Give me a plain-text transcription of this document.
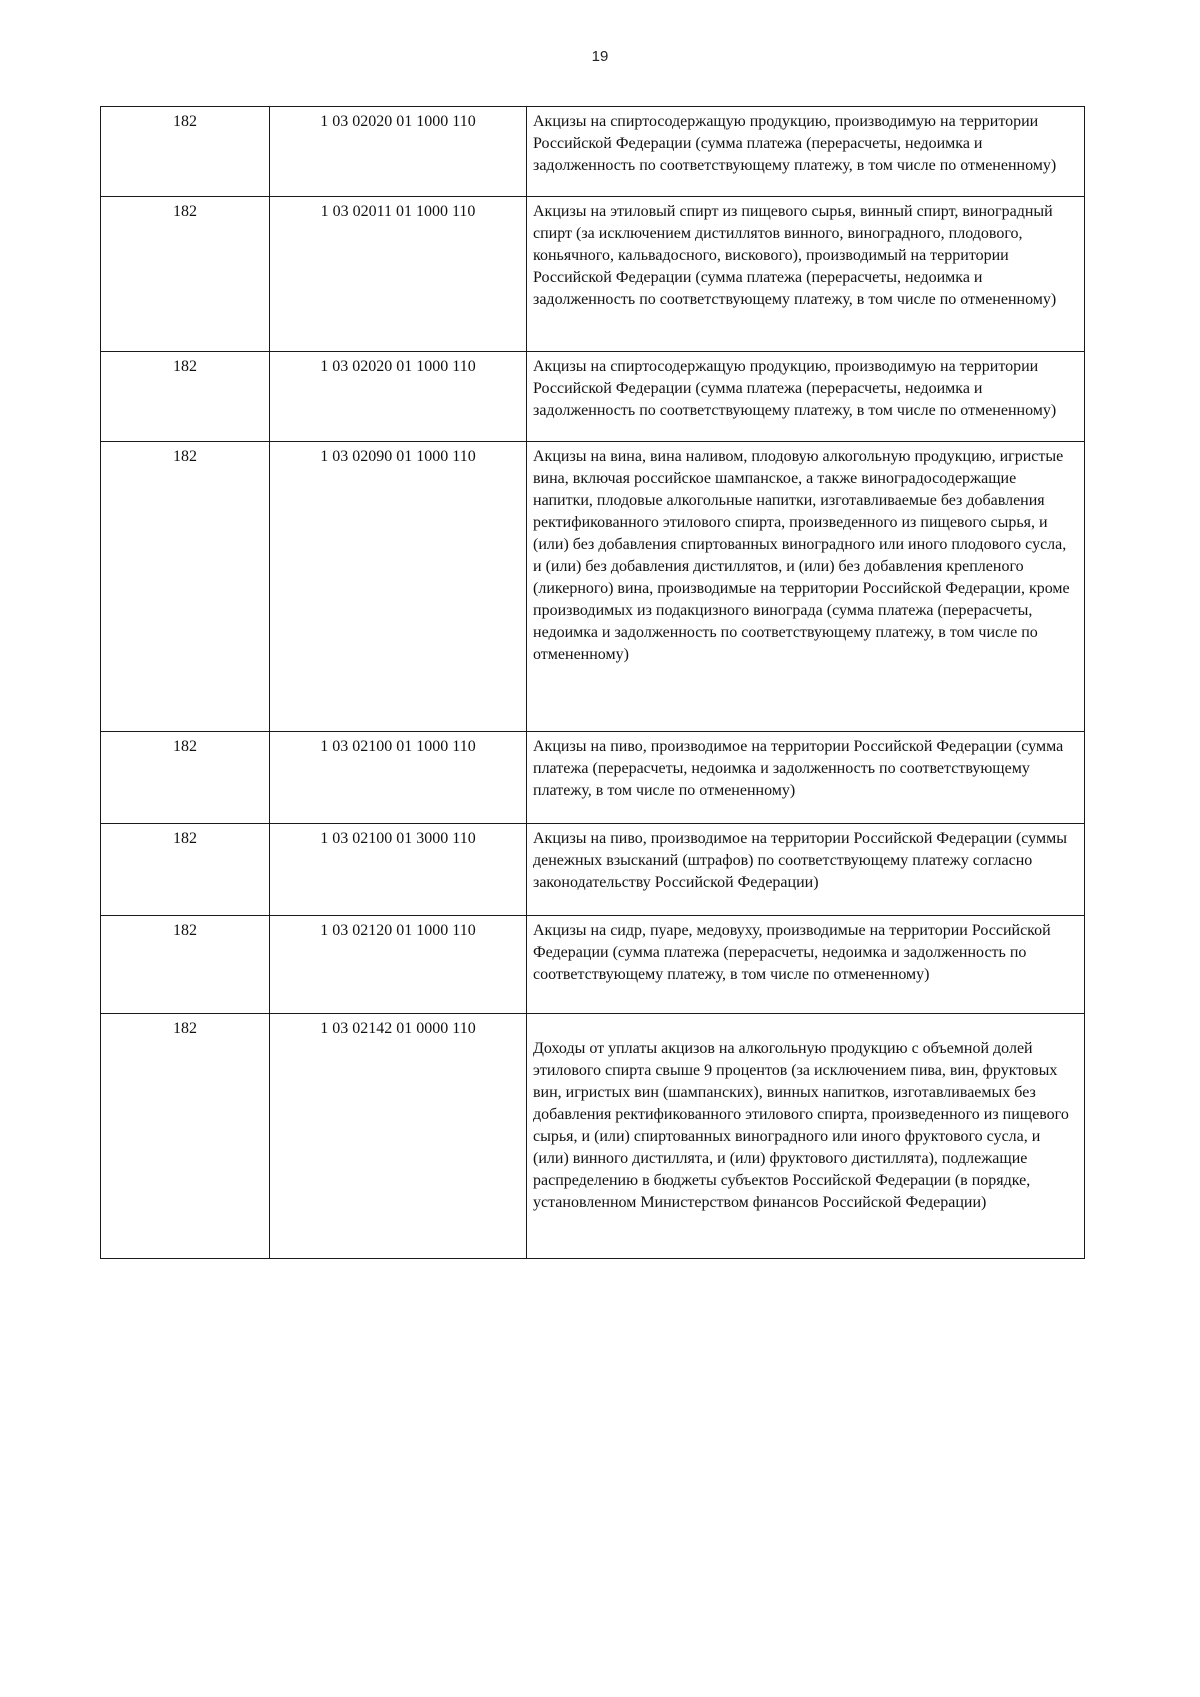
19
182	1 03 02020 01 1000 110	Акцизы на спиртосодержащую продукцию, производимую на территории Российской Федерации (сумма платежа (перерасчеты, недоимка и задолженность по соответствующему платежу, в том числе по отмененному)
182	1 03 02011 01 1000 110	Акцизы на этиловый спирт из пищевого сырья, винный спирт, виноградный спирт (за исключением дистиллятов винного, виноградного, плодового, коньячного, кальвадосного, вискового), производимый на территории Российской Федерации (сумма платежа (перерасчеты, недоимка и задолженность по соответствующему платежу, в том числе по отмененному)
182	1 03 02020 01 1000 110	Акцизы на спиртосодержащую продукцию, производимую на территории Российской Федерации (сумма платежа (перерасчеты, недоимка и задолженность по соответствующему платежу, в том числе по отмененному)
182	1 03 02090 01 1000 110	Акцизы на вина, вина наливом, плодовую алкогольную продукцию, игристые вина, включая российское шампанское, а также виноградосодержащие напитки, плодовые алкогольные напитки, изготавливаемые без добавления ректификованного этилового спирта, произведенного из пищевого сырья, и (или) без добавления спиртованных виноградного или иного плодового сусла, и (или) без добавления дистиллятов, и (или) без добавления крепленого (ликерного) вина, производимые на территории Российской Федерации, кроме производимых из подакцизного винограда (сумма платежа (перерасчеты, недоимка и задолженность по соответствующему платежу, в том числе по отмененному)
182	1 03 02100 01 1000 110	Акцизы на пиво, производимое на территории Российской Федерации (сумма платежа (перерасчеты, недоимка и задолженность по соответствующему платежу, в том числе по отмененному)
182	1 03 02100 01 3000 110	Акцизы на пиво, производимое на территории Российской Федерации (суммы денежных взысканий (штрафов) по соответствующему платежу согласно законодательству Российской Федерации)
182	1 03 02120 01 1000 110	Акцизы на сидр, пуаре, медовуху, производимые на территории Российской Федерации (сумма платежа (перерасчеты, недоимка и задолженность по соответствующему платежу, в том числе по отмененному)
182	1 03 02142 01 0000 110	Доходы от уплаты акцизов на алкогольную продукцию с объемной долей этилового спирта свыше 9 процентов (за исключением пива, вин, фруктовых вин, игристых вин (шампанских), винных напитков, изготавливаемых без добавления ректификованного этилового спирта, произведенного из пищевого сырья, и (или) спиртованных виноградного или иного фруктового сусла, и (или) винного дистиллята, и (или) фруктового дистиллята), подлежащие распределению в бюджеты субъектов Российской Федерации (в порядке, установленном Министерством финансов Российской Федерации)
